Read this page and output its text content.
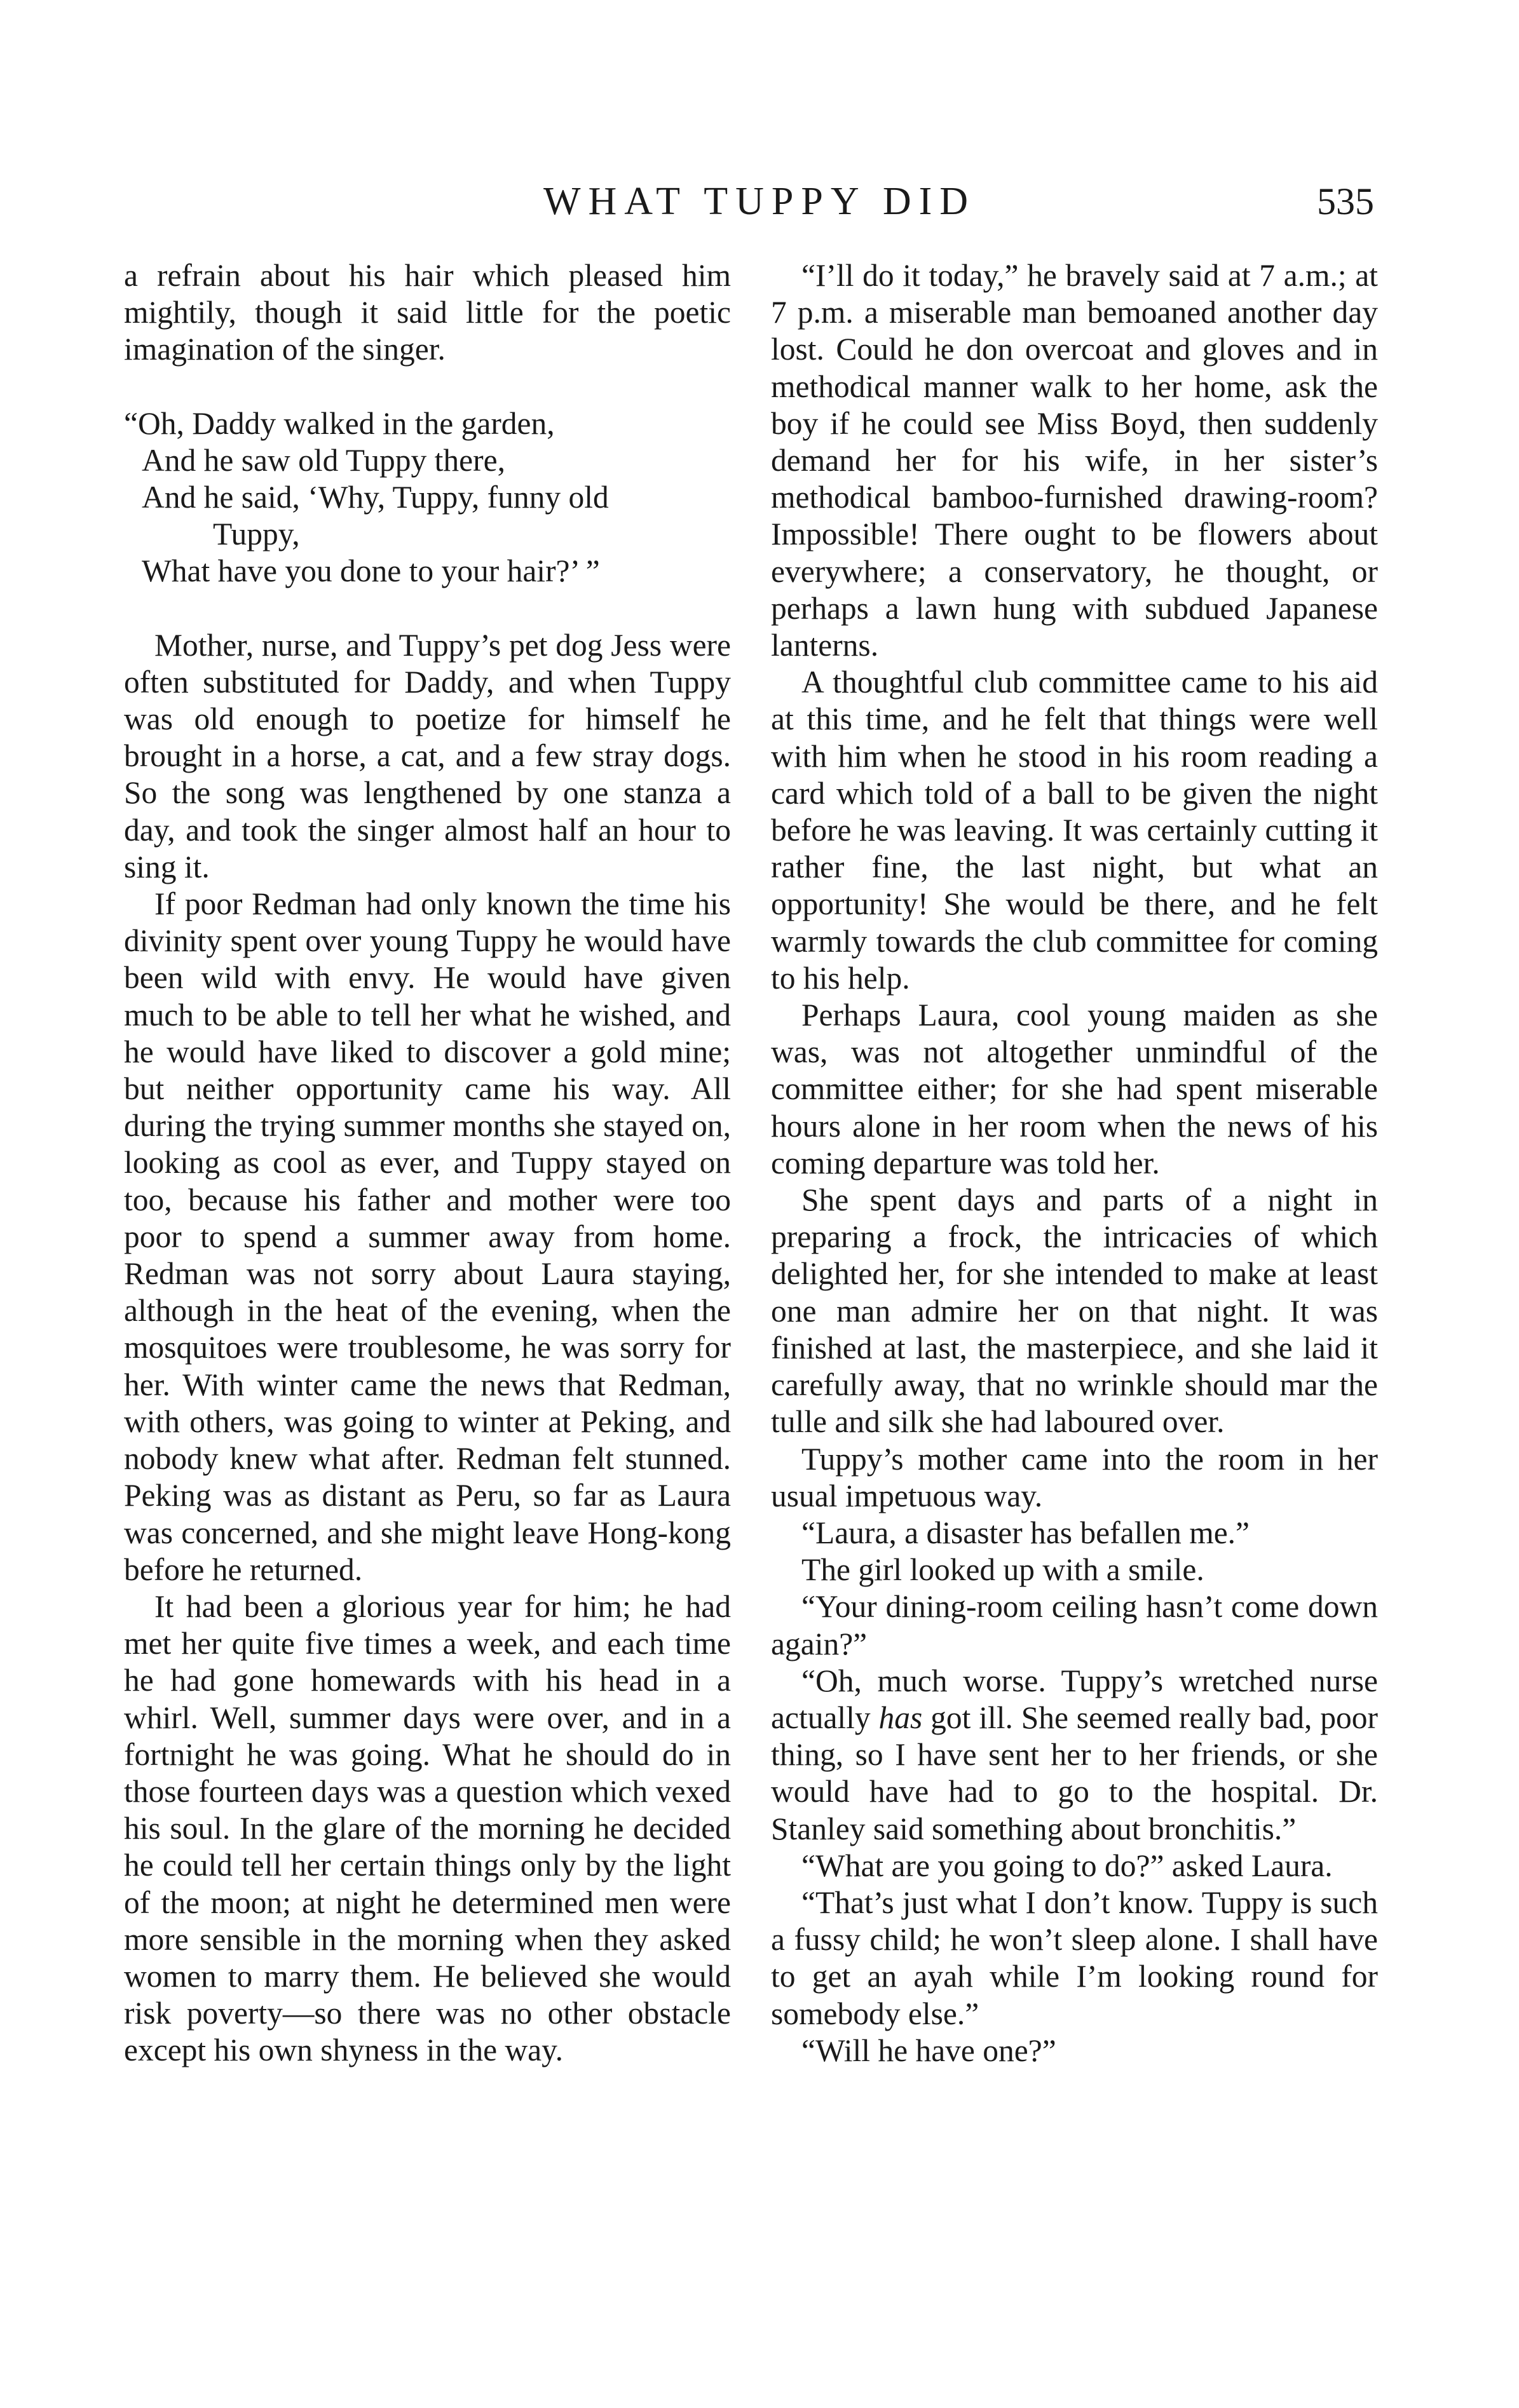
WHAT TUPPY DID	535

a refrain about his hair which pleased him mightily, though it said little for the poetic imagination of the singer.

“Oh, Daddy walked in the garden,
And he saw old Tuppy there,
And he said, ‘Why, Tuppy, funny old
Tuppy,
What have you done to your hair?’ ”

Mother, nurse, and Tuppy’s pet dog Jess were often substituted for Daddy, and when Tuppy was old enough to poetize for himself he brought in a horse, a cat, and a few stray dogs. So the song was lengthened by one stanza a day, and took the singer almost half an hour to sing it.

If poor Redman had only known the time his divinity spent over young Tuppy he would have been wild with envy. He would have given much to be able to tell her what he wished, and he would have liked to discover a gold mine; but neither opportunity came his way. All during the trying summer months she stayed on, looking as cool as ever, and Tuppy stayed on too, because his father and mother were too poor to spend a summer away from home. Redman was not sorry about Laura staying, although in the heat of the evening, when the mosquitoes were troublesome, he was sorry for her. With winter came the news that Redman, with others, was going to winter at Peking, and nobody knew what after. Redman felt stunned. Peking was as distant as Peru, so far as Laura was concerned, and she might leave Hong-kong before he returned.

It had been a glorious year for him; he had met her quite five times a week, and each time he had gone homewards with his head in a whirl. Well, summer days were over, and in a fortnight he was going. What he should do in those fourteen days was a question which vexed his soul. In the glare of the morning he decided he could tell her certain things only by the light of the moon; at night he determined men were more sensible in the morning when they asked women to marry them. He believed she would risk poverty—so there was no other obstacle except his own shyness in the way.

“I’ll do it today,” he bravely said at 7 a.m.; at 7 p.m. a miserable man bemoaned another day lost. Could he don overcoat and gloves and in methodical manner walk to her home, ask the boy if he could see Miss Boyd, then suddenly demand her for his wife, in her sister’s methodical bamboo-furnished drawing-room? Impossible! There ought to be flowers about everywhere; a conservatory, he thought, or perhaps a lawn hung with subdued Japanese lanterns.

A thoughtful club committee came to his aid at this time, and he felt that things were well with him when he stood in his room reading a card which told of a ball to be given the night before he was leaving. It was certainly cutting it rather fine, the last night, but what an opportunity! She would be there, and he felt warmly towards the club committee for coming to his help.

Perhaps Laura, cool young maiden as she was, was not altogether unmindful of the committee either; for she had spent miserable hours alone in her room when the news of his coming departure was told her.

She spent days and parts of a night in preparing a frock, the intricacies of which delighted her, for she intended to make at least one man admire her on that night. It was finished at last, the masterpiece, and she laid it carefully away, that no wrinkle should mar the tulle and silk she had laboured over.

Tuppy’s mother came into the room in her usual impetuous way.

“Laura, a disaster has befallen me.”

The girl looked up with a smile.

“Your dining-room ceiling hasn’t come down again?”

“Oh, much worse. Tuppy’s wretched nurse actually has got ill. She seemed really bad, poor thing, so I have sent her to her friends, or she would have had to go to the hospital. Dr. Stanley said something about bronchitis.”

“What are you going to do?” asked Laura.

“That’s just what I don’t know. Tuppy is such a fussy child; he won’t sleep alone. I shall have to get an ayah while I’m looking round for somebody else.”

“Will he have one?”
